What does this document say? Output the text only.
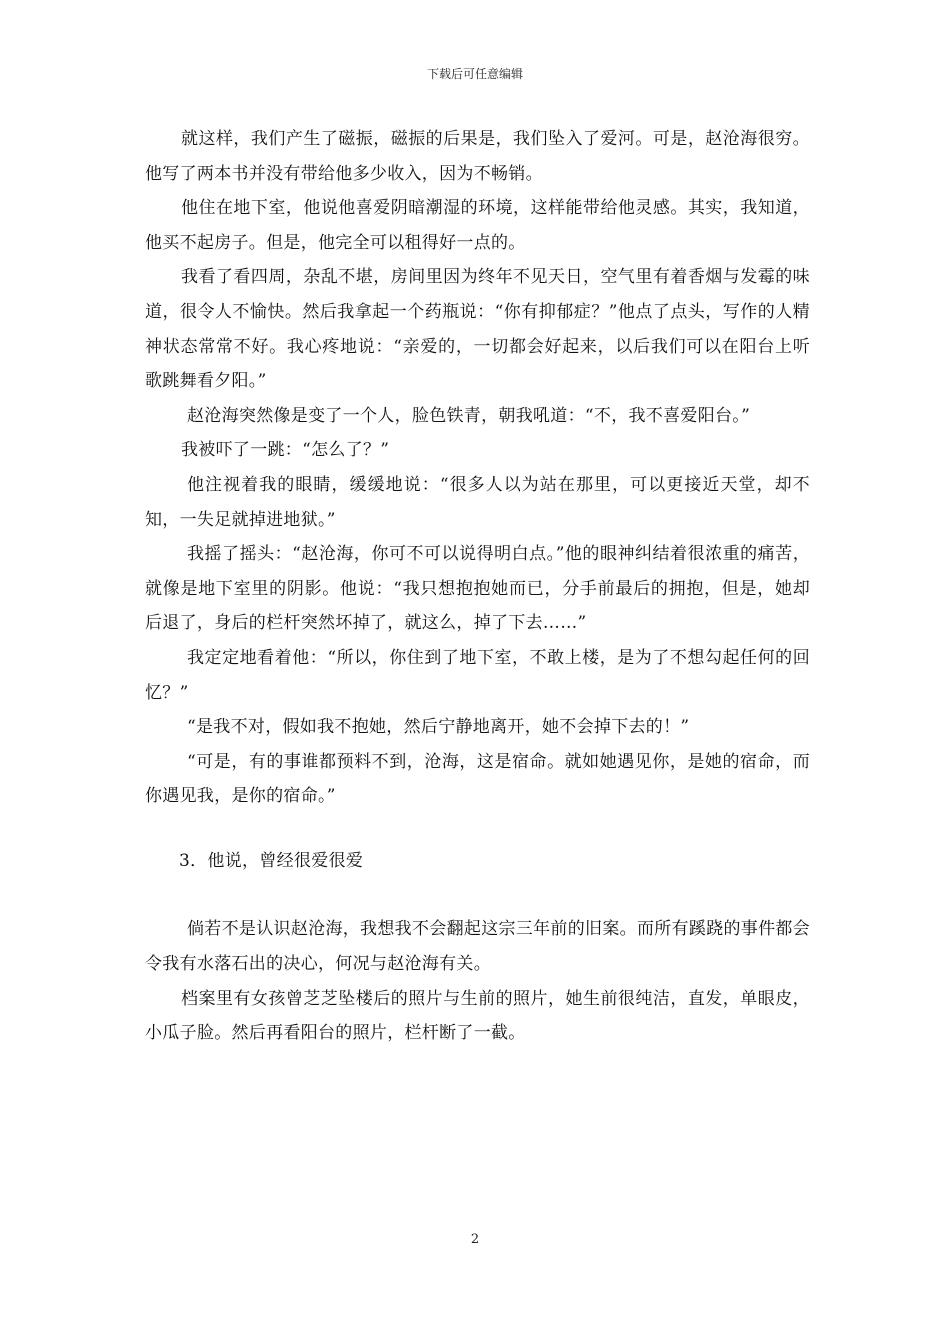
下载后可任意编辑

就这样，我们产生了磁振，磁振的后果是，我们坠入了爱河。可是，赵沧海很穷。他写了两本书并没有带给他多少收入，因为不畅销。

他住在地下室，他说他喜爱阴暗潮湿的环境，这样能带给他灵感。其实，我知道，他买不起房子。但是，他完全可以租得好一点的。

我看了看四周，杂乱不堪，房间里因为终年不见天日，空气里有着香烟与发霉的味道，很令人不愉快。然后我拿起一个药瓶说：“你有抑郁症？”他点了点头，写作的人精神状态常常不好。我心疼地说：“亲爱的，一切都会好起来，以后我们可以在阳台上听歌跳舞看夕阳。”

赵沧海突然像是变了一个人，脸色铁青，朝我吼道：“不，我不喜爱阳台。”

我被吓了一跳：“怎么了？”

他注视着我的眼睛，缓缓地说：“很多人以为站在那里，可以更接近天堂，却不知，一失足就掉进地狱。”

我摇了摇头：“赵沧海，你可不可以说得明白点。”他的眼神纠结着很浓重的痛苦，就像是地下室里的阴影。他说：“我只想抱抱她而已，分手前最后的拥抱，但是，她却后退了，身后的栏杆突然坏掉了，就这么，掉了下去……”

我定定地看着他：“所以，你住到了地下室，不敢上楼，是为了不想勾起任何的回忆？”

“是我不对，假如我不抱她，然后宁静地离开，她不会掉下去的！”

“可是，有的事谁都预料不到，沧海，这是宿命。就如她遇见你，是她的宿命，而你遇见我，是你的宿命。”

3．他说，曾经很爱很爱

倘若不是认识赵沧海，我想我不会翻起这宗三年前的旧案。而所有蹊跷的事件都会令我有水落石出的决心，何况与赵沧海有关。

档案里有女孩曾芝芝坠楼后的照片与生前的照片，她生前很纯洁，直发，单眼皮，小瓜子脸。然后再看阳台的照片，栏杆断了一截。

2
